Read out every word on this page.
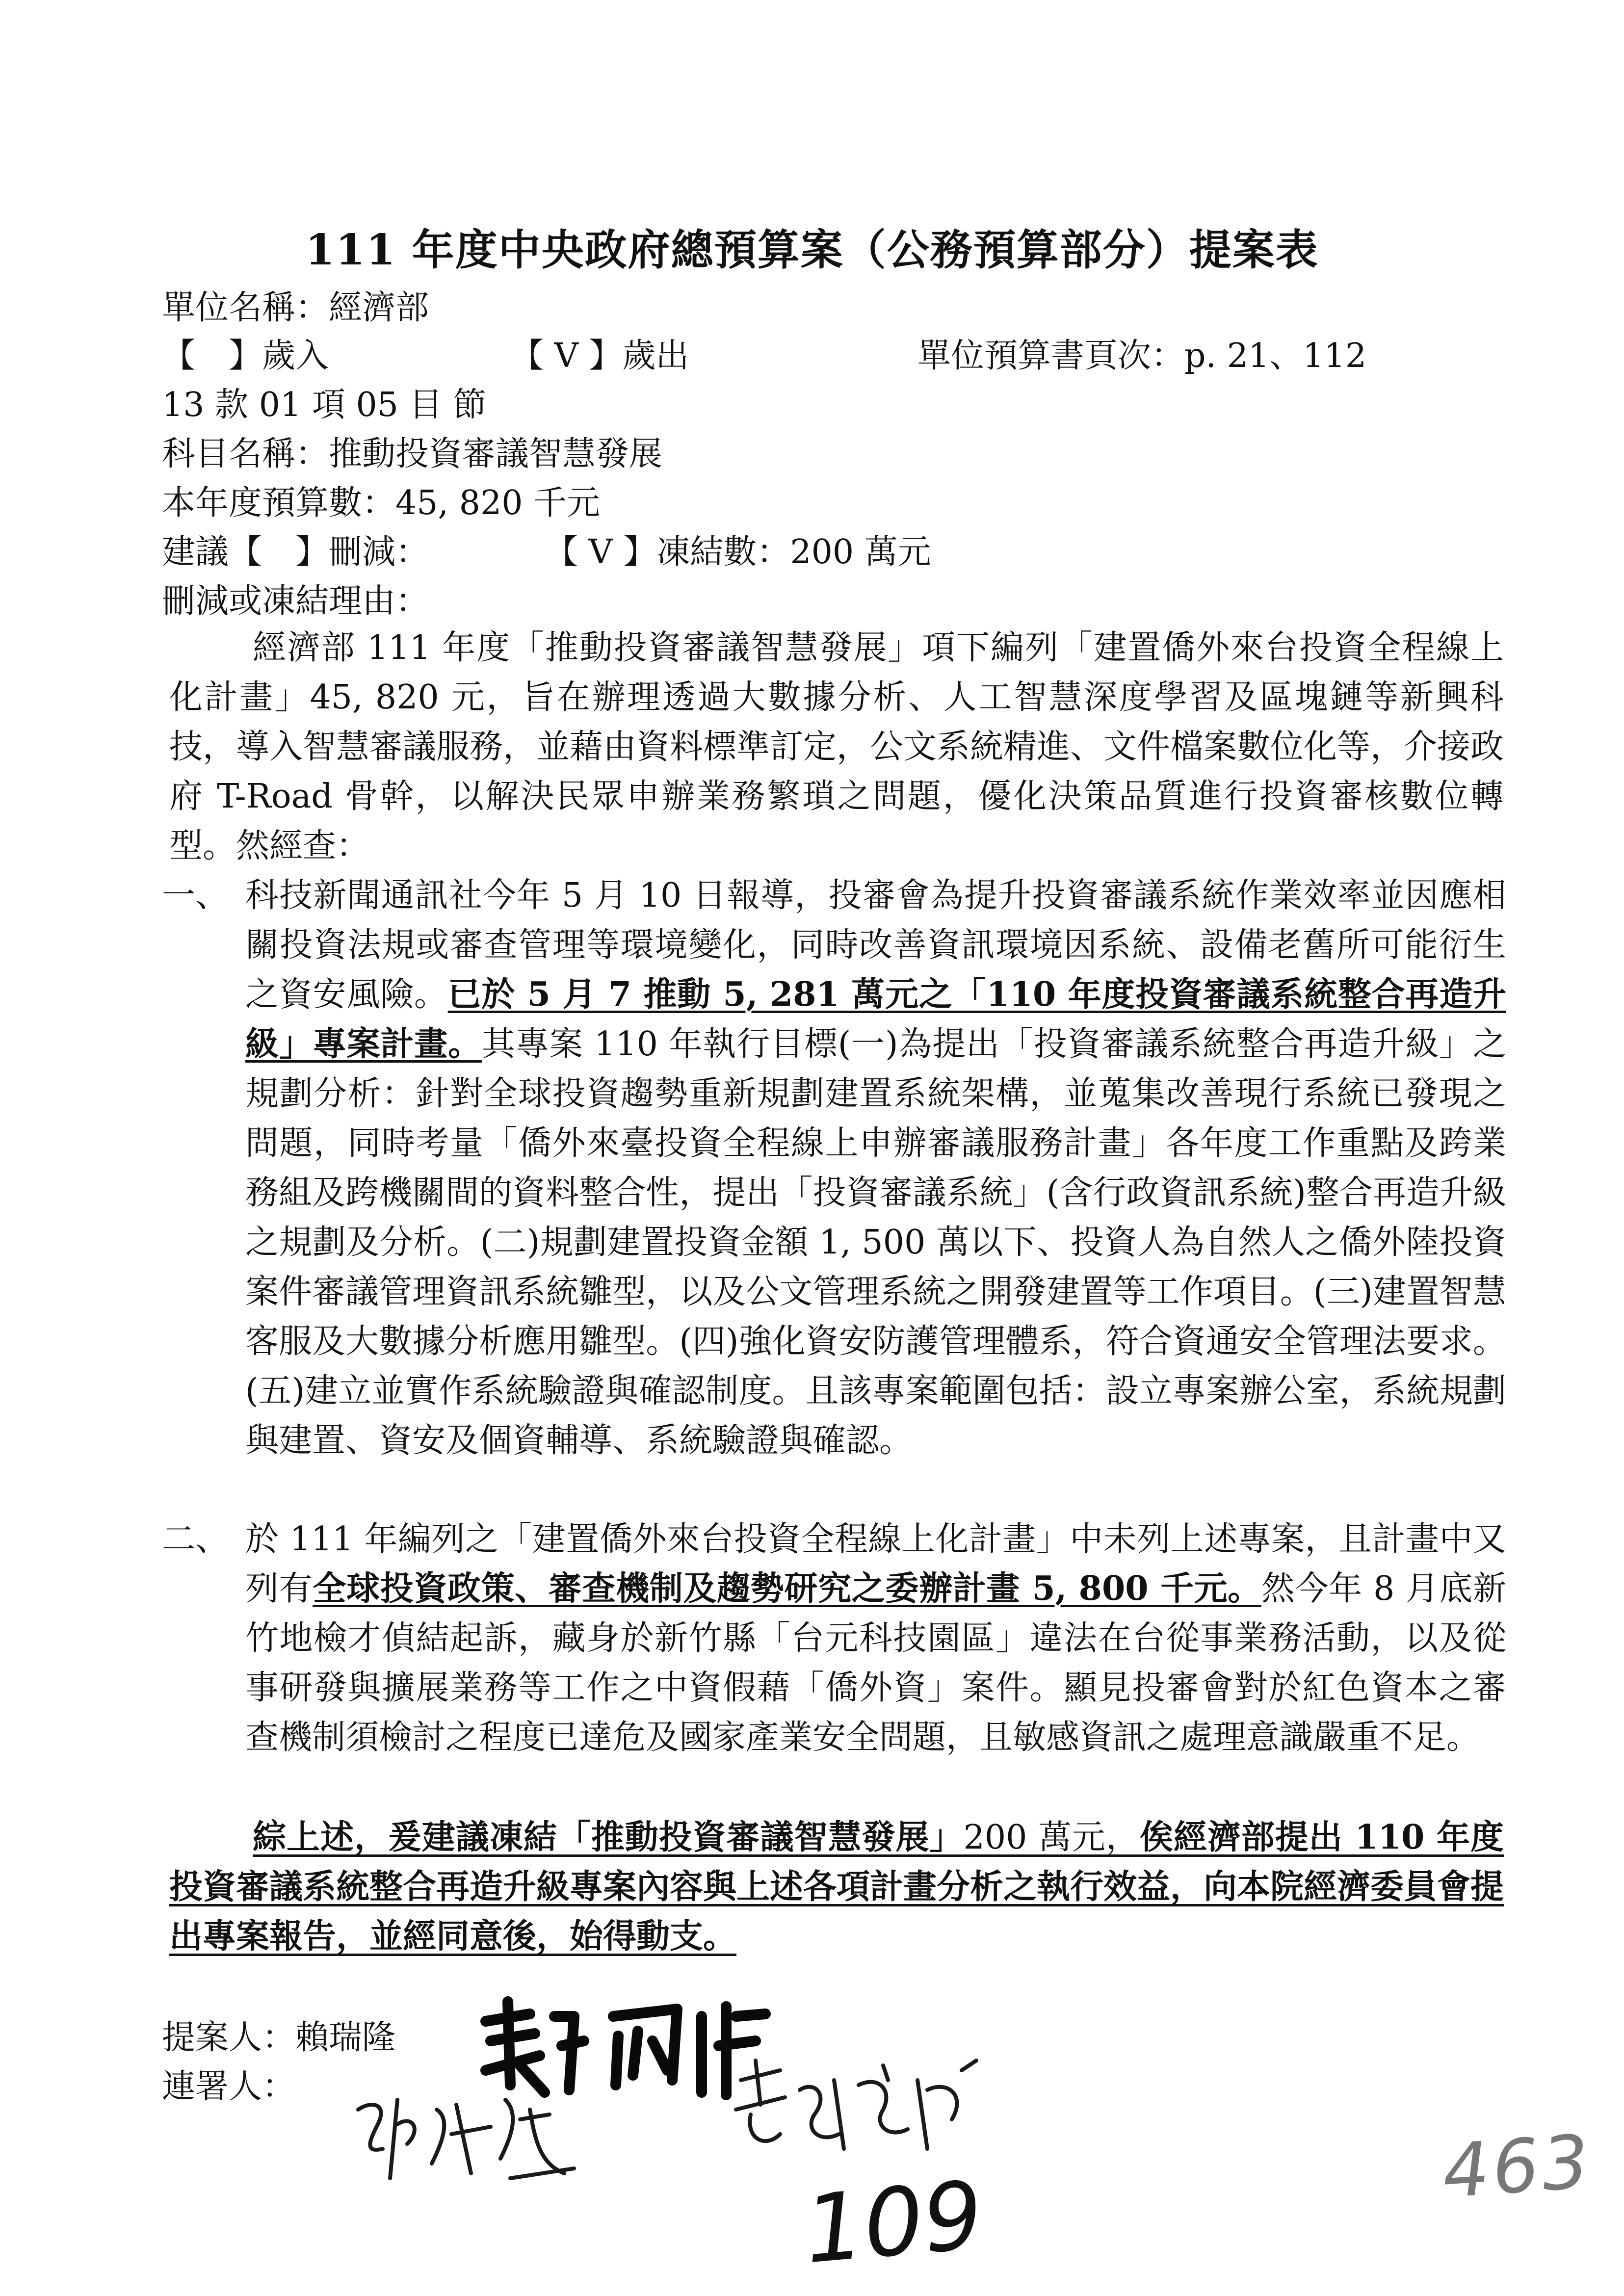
111 年度中央政府總預算案（公務預算部分）提案表
單位名稱：經濟部
【　】歲入	【 V 】歲出	單位預算書頁次：p. 21、112
13 款 01 項 05 目 節
科目名稱：推動投資審議智慧發展
本年度預算數：45, 820 千元
建議【　】刪減：	【 V 】凍結數：200 萬元
刪減或凍結理由：
經濟部 111 年度「推動投資審議智慧發展」項下編列「建置僑外來台投資全程線上化計畫」45, 820 元，旨在辦理透過大數據分析、人工智慧深度學習及區塊鏈等新興科技，導入智慧審議服務，並藉由資料標準訂定，公文系統精進、文件檔案數位化等，介接政府 T-Road 骨幹，以解決民眾申辦業務繁瑣之問題，優化決策品質進行投資審核數位轉型。然經查：
一、 科技新聞通訊社今年 5 月 10 日報導，投審會為提升投資審議系統作業效率並因應相關投資法規或審查管理等環境變化，同時改善資訊環境因系統、設備老舊所可能衍生之資安風險。已於 5 月 7 推動 5, 281 萬元之「110 年度投資審議系統整合再造升級」專案計畫。其專案 110 年執行目標(一)為提出「投資審議系統整合再造升級」之規劃分析：針對全球投資趨勢重新規劃建置系統架構，並蒐集改善現行系統已發現之問題，同時考量「僑外來臺投資全程線上申辦審議服務計畫」各年度工作重點及跨業務組及跨機關間的資料整合性，提出「投資審議系統」(含行政資訊系統)整合再造升級之規劃及分析。(二)規劃建置投資金額 1, 500 萬以下、投資人為自然人之僑外陸投資案件審議管理資訊系統雛型，以及公文管理系統之開發建置等工作項目。(三)建置智慧客服及大數據分析應用雛型。(四)強化資安防護管理體系，符合資通安全管理法要求。(五)建立並實作系統驗證與確認制度。且該專案範圍包括：設立專案辦公室，系統規劃與建置、資安及個資輔導、系統驗證與確認。
二、 於 111 年編列之「建置僑外來台投資全程線上化計畫」中未列上述專案，且計畫中又列有全球投資政策、審查機制及趨勢研究之委辦計畫 5, 800 千元。然今年 8 月底新竹地檢才偵結起訴，藏身於新竹縣「台元科技園區」違法在台從事業務活動，以及從事研發與擴展業務等工作之中資假藉「僑外資」案件。顯見投審會對於紅色資本之審查機制須檢討之程度已達危及國家產業安全問題，且敏感資訊之處理意識嚴重不足。
綜上述，爰建議凍結「推動投資審議智慧發展」200 萬元，俟經濟部提出 110 年度投資審議系統整合再造升級專案內容與上述各項計畫分析之執行效益，向本院經濟委員會提出專案報告，並經同意後，始得動支。
提案人：賴瑞隆
連署人：
109	463
